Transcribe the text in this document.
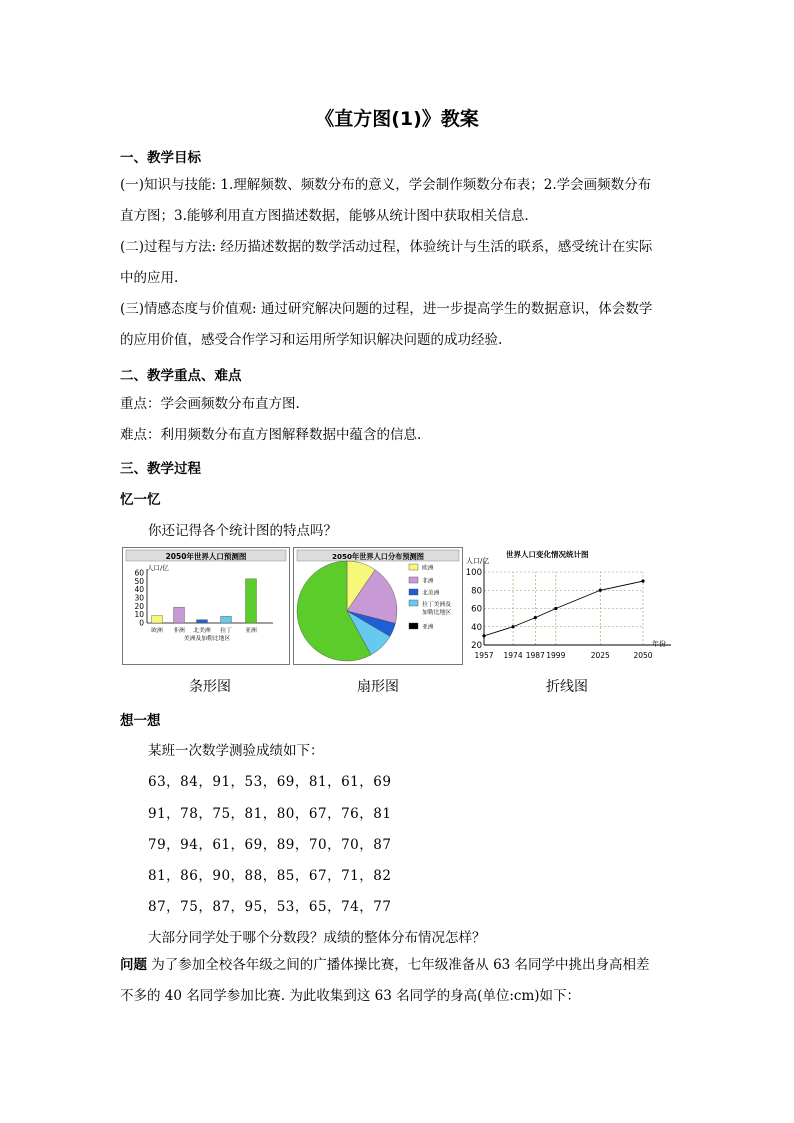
《直方图(1)》教案
一、教学目标
(一)知识与技能: 1.理解频数、频数分布的意义，学会制作频数分布表；2.学会画频数分布
直方图；3.能够利用直方图描述数据，能够从统计图中获取相关信息.
(二)过程与方法: 经历描述数据的数学活动过程，体验统计与生活的联系，感受统计在实际
中的应用.
(三)情感态度与价值观: 通过研究解决问题的过程，进一步提高学生的数据意识，体会数学
的应用价值，感受合作学习和运用所学知识解决问题的成功经验.
二、教学重点、难点
重点：学会画频数分布直方图.
难点：利用频数分布直方图解释数据中蕴含的信息.
三、教学过程
忆一忆
你还记得各个统计图的特点吗？
2050年世界人口预测图
人口/亿
0
10
20
30
40
50
60
欧洲 非洲 北美洲 拉丁 亚洲
美洲及加勒比地区
2050年世界人口分布预测图
欧洲
非洲
北美洲
拉丁美洲及
加勒比地区
亚洲
世界人口变化情况统计图
人口/亿
年份
20
40
60
80
100
1957 1974 1987 1999	2025	2050
条形图	扇形图	折线图
想一想
某班一次数学测验成绩如下：
63，84，91，53，69，81，61，69
91，78，75，81，80，67，76，81
79，94，61，69，89，70，70，87
81，86，90，88，85，67，71，82
87，75，87，95，53，65，74，77
大部分同学处于哪个分数段？成绩的整体分布情况怎样？
问题 为了参加全校各年级之间的广播体操比赛，七年级准备从 63 名同学中挑出身高相差
不多的 40 名同学参加比赛. 为此收集到这 63 名同学的身高(单位:cm)如下：
